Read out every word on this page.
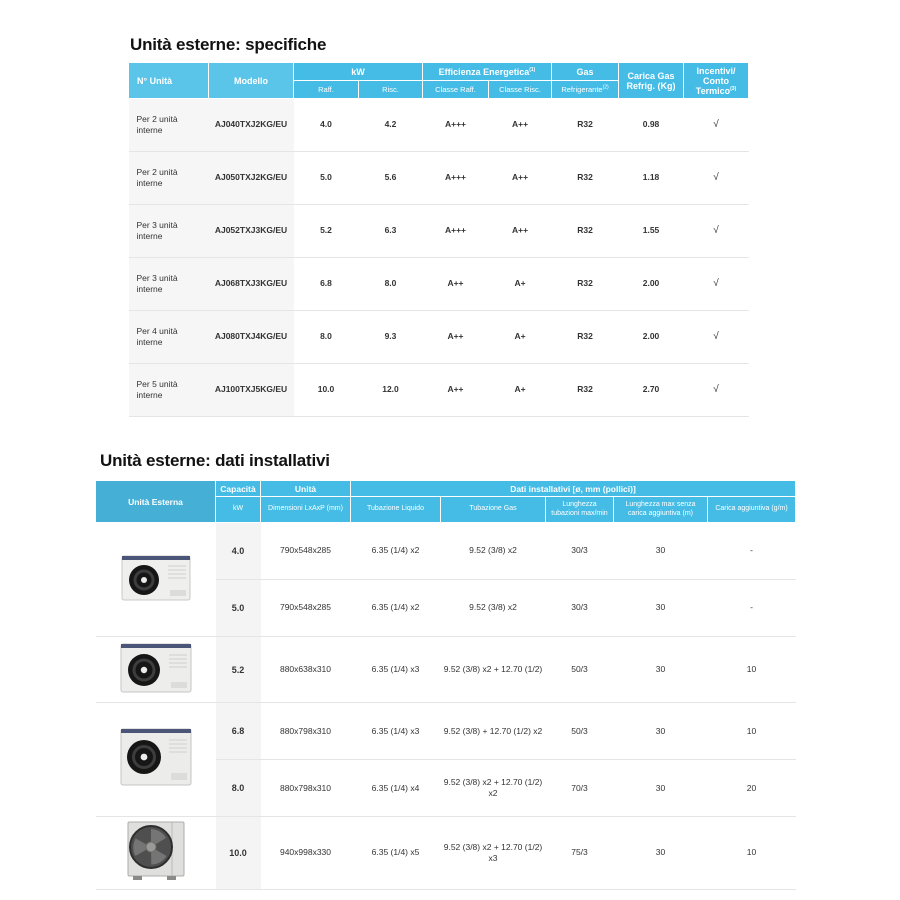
Unità esterne: specifiche
N° Unità	Modello	kW		Efficienza Energetica$^{(1)}$		Gas	Carica Gas Refrig. (Kg)	Incentivi/
Conto Termico$^{(3)}$
		Raff.	Risc.	Classe Raff.	Classe Risc.	Refrigerante$^{(2)}$
Per 2 unità interne	AJ040TXJ2KG/EU	4.0	4.2	A+++	A++	R32	0.98	√
Per 2 unità interne	AJ050TXJ2KG/EU	5.0	5.6	A+++	A++	R32	1.18	√
Per 3 unità interne	AJ052TXJ3KG/EU	5.2	6.3	A+++	A++	R32	1.55	√
Per 3 unità interne	AJ068TXJ3KG/EU	6.8	8.0	A++	A+	R32	2.00	√
Per 4 unità interne	AJ080TXJ4KG/EU	8.0	9.3	A++	A+	R32	2.00	√
Per 5 unità interne	AJ100TXJ5KG/EU	10.0	12.0	A++	A+	R32	2.70	√
Unità esterne: dati installativi
Unità Esterna	Capacità	Unità	Dati installativi [ø, mm (pollici)]				
	kW	Dimensioni LxAxP (mm)	Tubazione Liquido	Tubazione Gas	Lunghezza tubazioni max/min	Lunghezza max senza carica aggiuntiva (m)	Carica aggiuntiva (g/m)
	4.0	790x548x285	6.35 (1/4) x2	9.52 (3/8) x2	30/3	30	-
	5.0	790x548x285	6.35 (1/4) x2	9.52 (3/8) x2	30/3	30	-
	5.2	880x638x310	6.35 (1/4) x3	9.52 (3/8) x2 + 12.70 (1/2)	50/3	30	10
	6.8	880x798x310	6.35 (1/4) x3	9.52 (3/8) + 12.70 (1/2) x2	50/3	30	10
	8.0	880x798x310	6.35 (1/4) x4	9.52 (3/8) x2 + 12.70 (1/2) x2	70/3	30	20
	10.0	940x998x330	6.35 (1/4) x5	9.52 (3/8) x2 + 12.70 (1/2) x3	75/3	30	10
